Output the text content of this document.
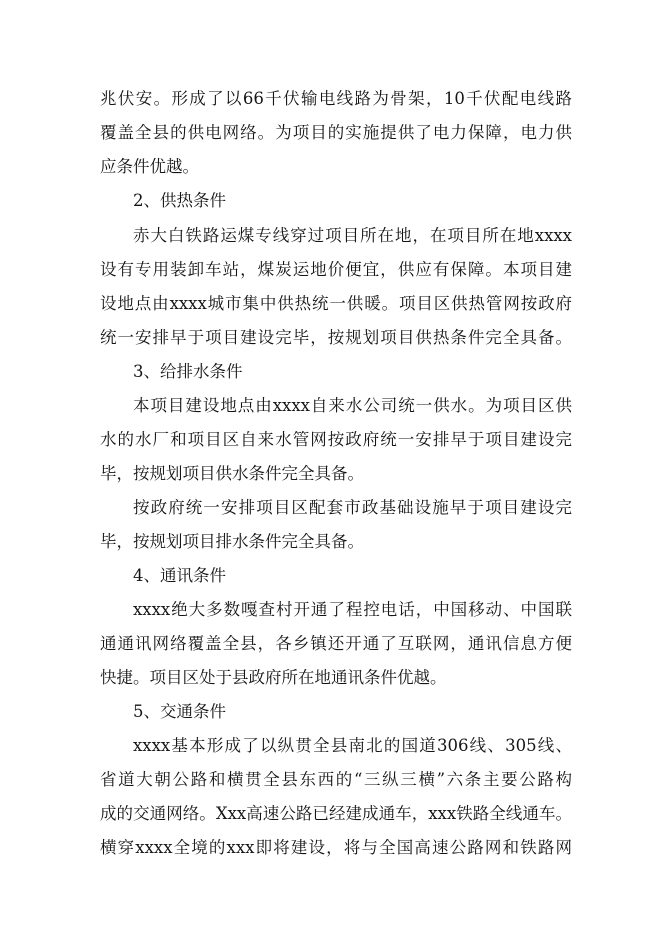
兆伏安。形成了以66千伏输电线路为骨架，10千伏配电线路
覆盖全县的供电网络。为项目的实施提供了电力保障，电力供
应条件优越。
2、供热条件
赤大白铁路运煤专线穿过项目所在地，在项目所在地xxxx
设有专用装卸车站，煤炭运地价便宜，供应有保障。本项目建
设地点由xxxx城市集中供热统一供暖。项目区供热管网按政府
统一安排早于项目建设完毕，按规划项目供热条件完全具备。
3、给排水条件
本项目建设地点由xxxx自来水公司统一供水。为项目区供
水的水厂和项目区自来水管网按政府统一安排早于项目建设完
毕，按规划项目供水条件完全具备。
按政府统一安排项目区配套市政基础设施早于项目建设完
毕，按规划项目排水条件完全具备。
4、通讯条件
xxxx绝大多数嘎查村开通了程控电话，中国移动、中国联
通通讯网络覆盖全县，各乡镇还开通了互联网，通讯信息方便
快捷。项目区处于县政府所在地通讯条件优越。
5、交通条件
xxxx基本形成了以纵贯全县南北的国道306线、305线、
省道大朝公路和横贯全县东西的“三纵三横”六条主要公路构
成的交通网络。Xxx高速公路已经建成通车，xxx铁路全线通车。
横穿xxxx全境的xxx即将建设，将与全国高速公路网和铁路网
